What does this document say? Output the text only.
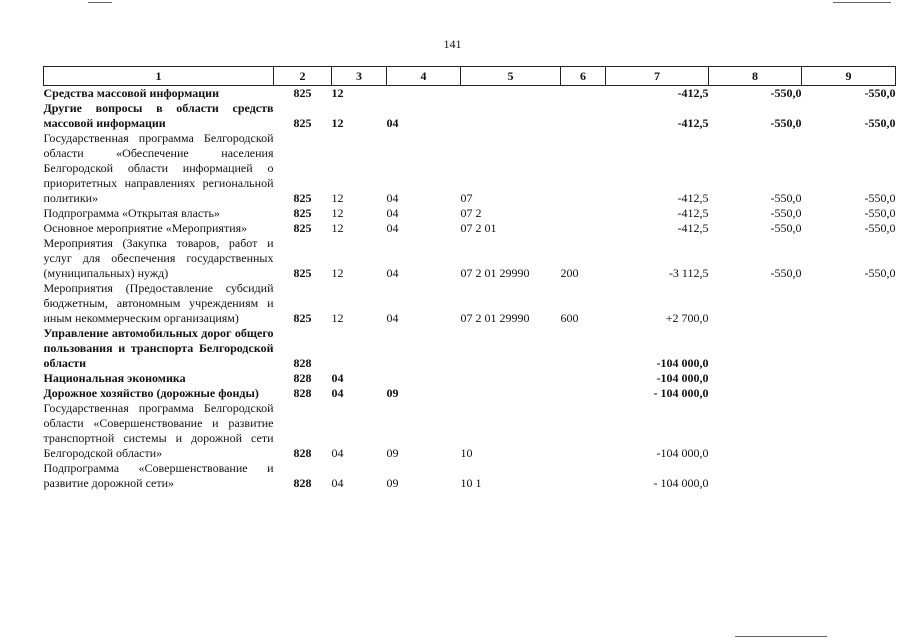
141
1	2	3	4	5	6	7	8	9
Средства массовой информации	825	12				-412,5	-550,0	-550,0
Другие вопросы в области средств массовой информации	825	12	04			-412,5	-550,0	-550,0
Государственная программа Белгородской области «Обеспечение населения Белгородской области информацией о приоритетных направлениях региональной политики»	825	12	04	07		-412,5	-550,0	-550,0
Подпрограмма «Открытая власть»	825	12	04	07 2		-412,5	-550,0	-550,0
Основное мероприятие «Мероприятия»	825	12	04	07 2 01		-412,5	-550,0	-550,0
Мероприятия (Закупка товаров, работ и услуг для обеспечения государственных (муниципальных) нужд)	825	12	04	07 2 01 29990	200	-3 112,5	-550,0	-550,0
Мероприятия (Предоставление субсидий бюджетным, автономным учреждениям и иным некоммерческим организациям)	825	12	04	07 2 01 29990	600	+2 700,0		
Управление автомобильных дорог общего пользования и транспорта Белгородской области	828					-104 000,0		
Национальная экономика	828	04				-104 000,0		
Дорожное хозяйство (дорожные фонды)	828	04	09			- 104 000,0		
Государственная программа Белгородской области «Совершенствование и развитие транспортной системы и дорожной сети Белгородской области»	828	04	09	10		-104 000,0		
Подпрограмма «Совершенствование и развитие дорожной сети»	828	04	09	10 1		- 104 000,0		
